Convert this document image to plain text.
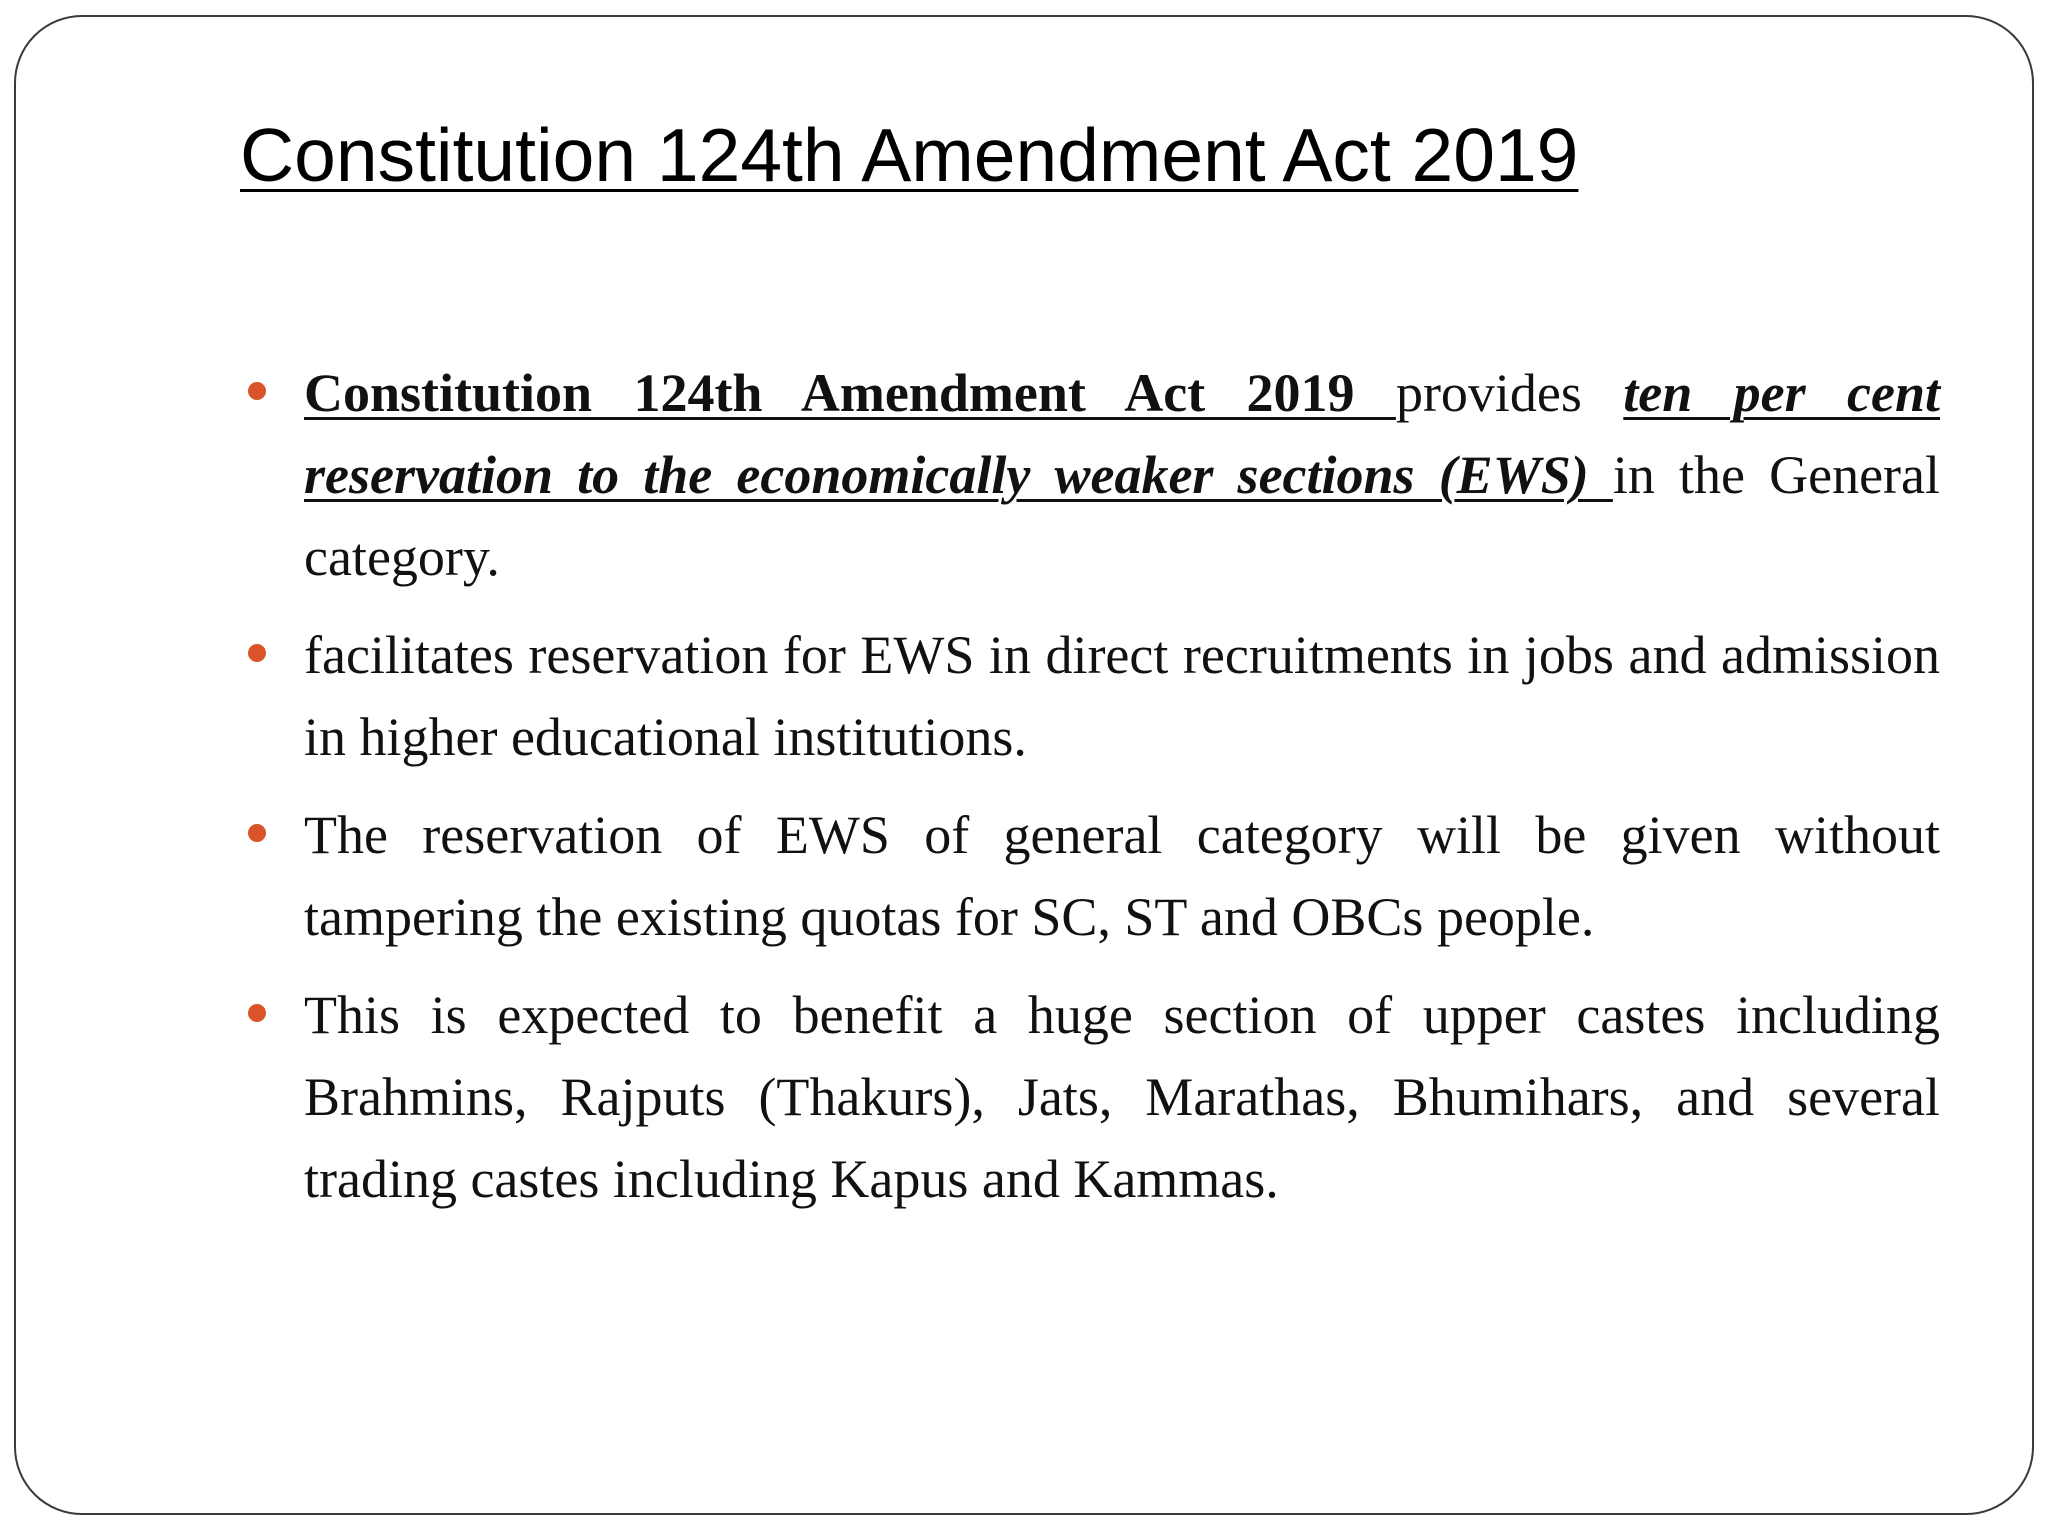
Constitution 124th Amendment Act 2019
Constitution 124th Amendment Act 2019 provides ten per cent reservation to the economically weaker sections (EWS) in the General category.
facilitates reservation for EWS in direct recruitments in jobs and admission in higher educational institutions.
The reservation of EWS of general category will be given without tampering the existing quotas for SC, ST and OBCs people.
This is expected to benefit a huge section of upper castes including Brahmins, Rajputs (Thakurs), Jats, Marathas, Bhumihars, and several trading castes including Kapus and Kammas.
